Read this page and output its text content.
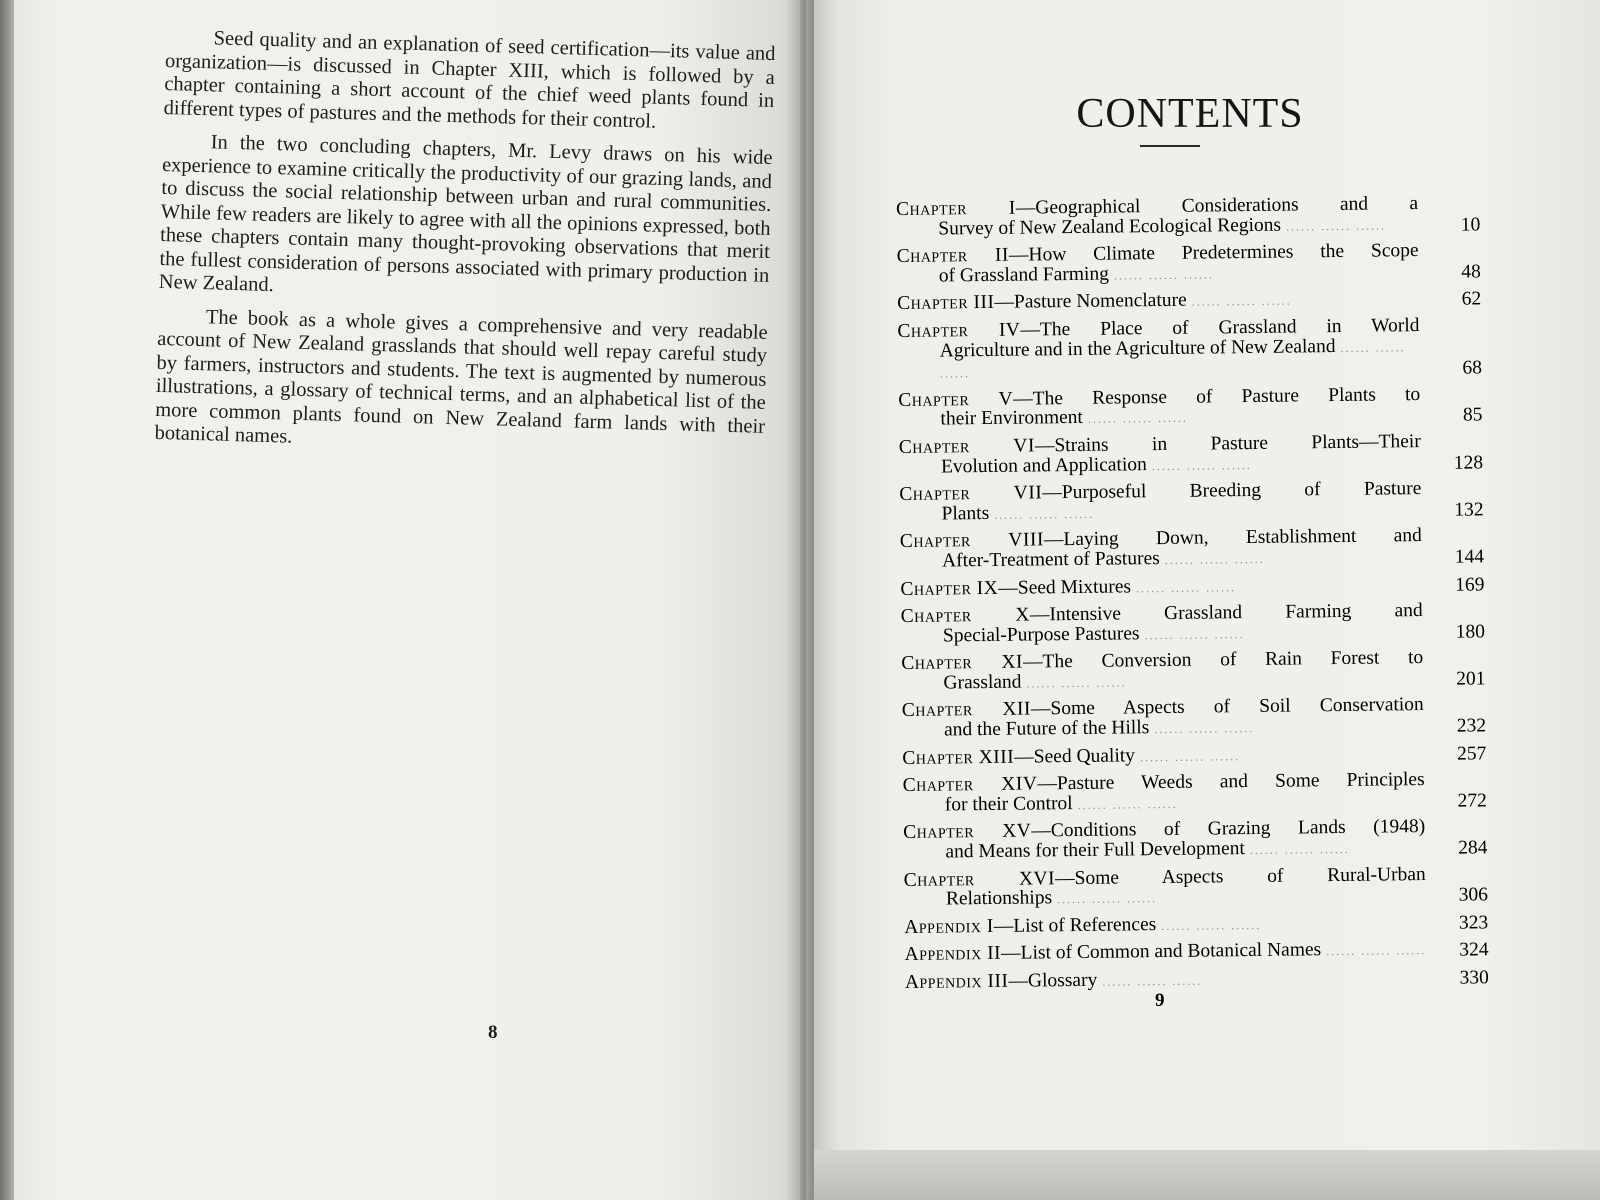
Seed quality and an explanation of seed certification—its value and organization—is discussed in Chapter XIII, which is followed by a chapter containing a short account of the chief weed plants found in different types of pastures and the methods for their control.

In the two concluding chapters, Mr. Levy draws on his wide experience to examine critically the productivity of our grazing lands, and to discuss the social relationship between urban and rural communities. While few readers are likely to agree with all the opinions expressed, both these chapters contain many thought-provoking observations that merit the fullest consideration of persons associated with primary production in New Zealand.

The book as a whole gives a comprehensive and very readable account of New Zealand grasslands that should well repay careful study by farmers, instructors and students. The text is augmented by numerous illustrations, a glossary of technical terms, and an alphabetical list of the more common plants found on New Zealand farm lands with their botanical names.

8
CONTENTS
Chapter I—Geographical Considerations and a
Survey of New Zealand Ecological Regions ...... ...... ......	10
Chapter II—How Climate Predetermines the Scope
of Grassland Farming ...... ...... ......	48
Chapter III—Pasture Nomenclature ...... ...... ......	62
Chapter IV—The Place of Grassland in World
Agriculture and in the Agriculture of New Zealand ...... ...... ......	68
Chapter V—The Response of Pasture Plants to
their Environment ...... ...... ......	85
Chapter VI—Strains in Pasture Plants—Their
Evolution and Application ...... ...... ......	128
Chapter VII—Purposeful Breeding of Pasture
Plants ...... ...... ......	132
Chapter VIII—Laying Down, Establishment and
After-Treatment of Pastures ...... ...... ......	144
Chapter IX—Seed Mixtures ...... ...... ......	169
Chapter X—Intensive Grassland Farming and
Special-Purpose Pastures ...... ...... ......	180
Chapter XI—The Conversion of Rain Forest to
Grassland ...... ...... ......	201
Chapter XII—Some Aspects of Soil Conservation
and the Future of the Hills ...... ...... ......	232
Chapter XIII—Seed Quality ...... ...... ......	257
Chapter XIV—Pasture Weeds and Some Principles
for their Control ...... ...... ......	272
Chapter XV—Conditions of Grazing Lands (1948)
and Means for their Full Development ...... ...... ......	284
Chapter XVI—Some Aspects of Rural-Urban
Relationships ...... ...... ......	306
Appendix I—List of References ...... ...... ......	323
Appendix II—List of Common and Botanical Names ...... ...... ......	324
Appendix III—Glossary ...... ...... ......	330
9
